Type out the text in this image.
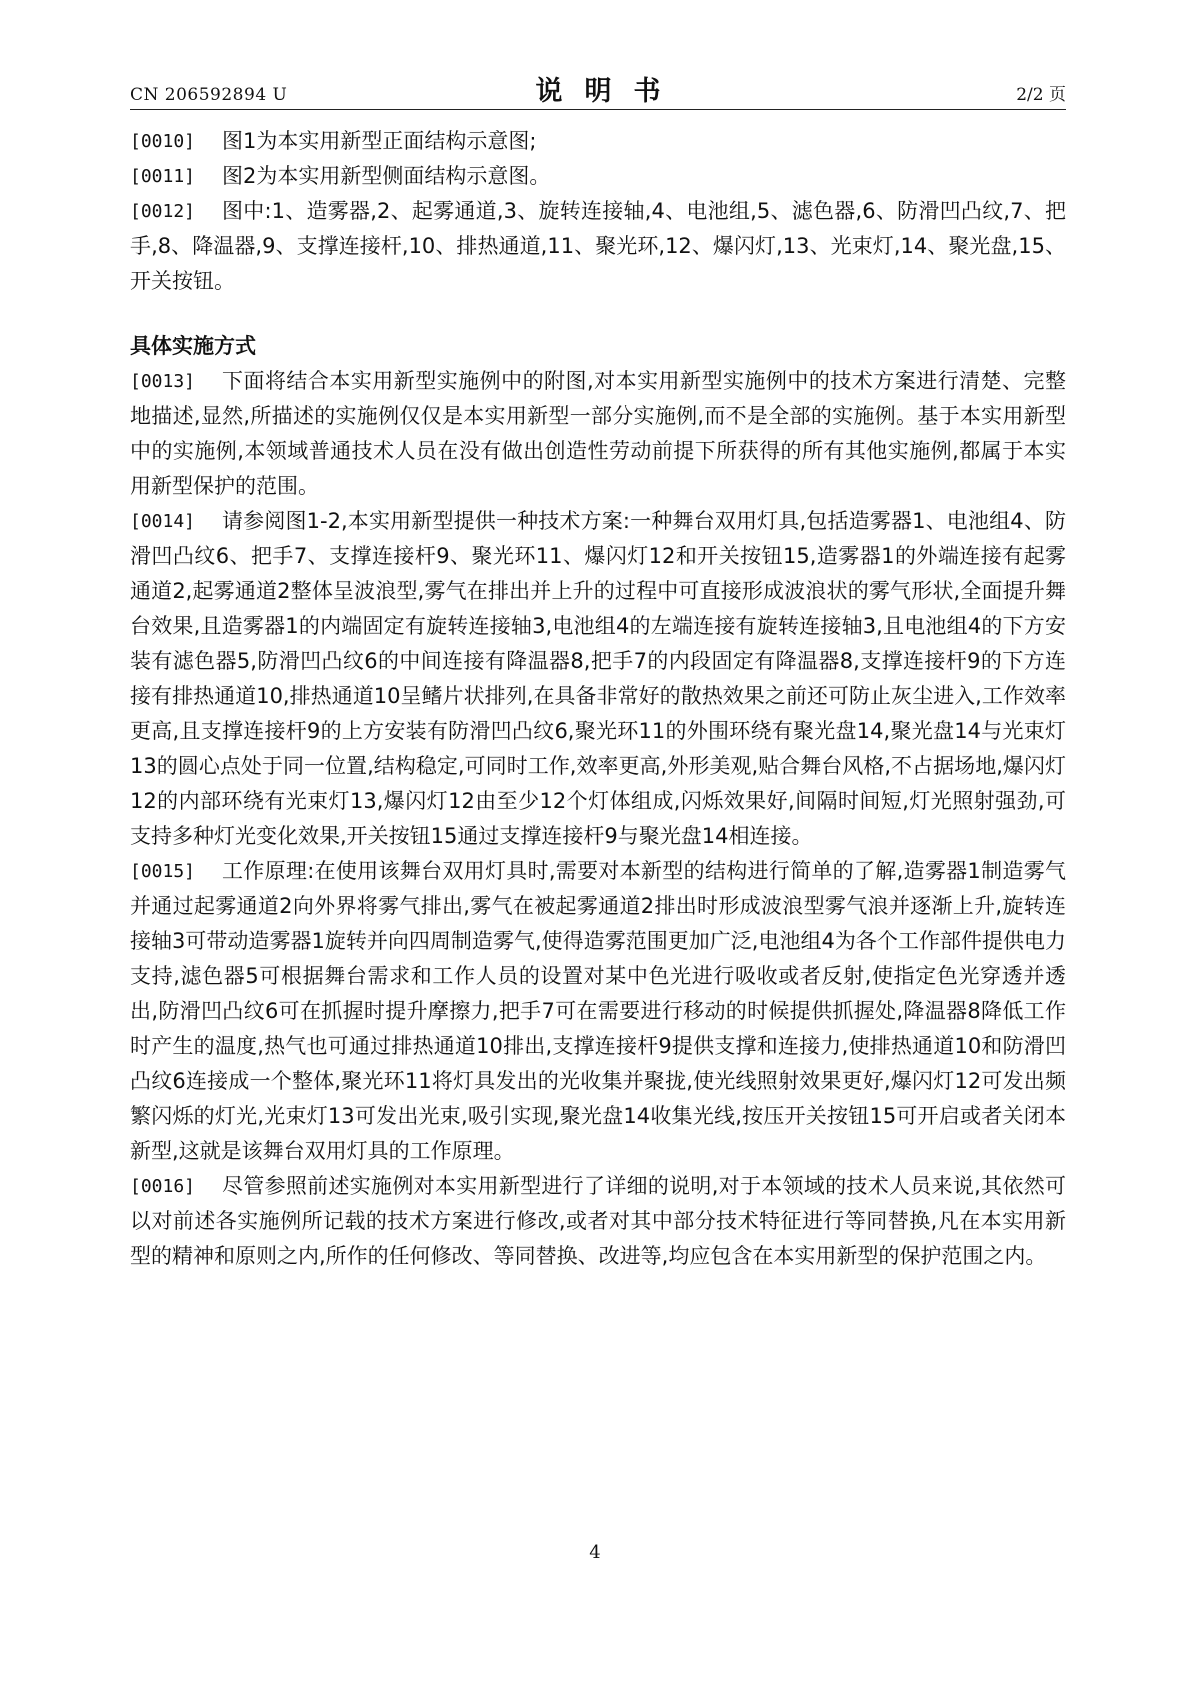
CN 206592894 U	说明书	2/2 页
[0010]	图1为本实用新型正面结构示意图;
[0011]	图2为本实用新型侧面结构示意图。
[0012]	图中:1、造雾器,2、起雾通道,3、旋转连接轴,4、电池组,5、滤色器,6、防滑凹凸纹,7、把手,8、降温器,9、支撑连接杆,10、排热通道,11、聚光环,12、爆闪灯,13、光束灯,14、聚光盘,15、开关按钮。
具体实施方式
[0013]	下面将结合本实用新型实施例中的附图,对本实用新型实施例中的技术方案进行清楚、完整地描述,显然,所描述的实施例仅仅是本实用新型一部分实施例,而不是全部的实施例。基于本实用新型中的实施例,本领域普通技术人员在没有做出创造性劳动前提下所获得的所有其他实施例,都属于本实用新型保护的范围。
[0014]	请参阅图1-2,本实用新型提供一种技术方案:一种舞台双用灯具,包括造雾器1、电池组4、防滑凹凸纹6、把手7、支撑连接杆9、聚光环11、爆闪灯12和开关按钮15,造雾器1的外端连接有起雾通道2,起雾通道2整体呈波浪型,雾气在排出并上升的过程中可直接形成波浪状的雾气形状,全面提升舞台效果,且造雾器1的内端固定有旋转连接轴3,电池组4的左端连接有旋转连接轴3,且电池组4的下方安装有滤色器5,防滑凹凸纹6的中间连接有降温器8,把手7的内段固定有降温器8,支撑连接杆9的下方连接有排热通道10,排热通道10呈鳍片状排列,在具备非常好的散热效果之前还可防止灰尘进入,工作效率更高,且支撑连接杆9的上方安装有防滑凹凸纹6,聚光环11的外围环绕有聚光盘14,聚光盘14与光束灯13的圆心点处于同一位置,结构稳定,可同时工作,效率更高,外形美观,贴合舞台风格,不占据场地,爆闪灯12的内部环绕有光束灯13,爆闪灯12由至少12个灯体组成,闪烁效果好,间隔时间短,灯光照射强劲,可支持多种灯光变化效果,开关按钮15通过支撑连接杆9与聚光盘14相连接。
[0015]	工作原理:在使用该舞台双用灯具时,需要对本新型的结构进行简单的了解,造雾器1制造雾气并通过起雾通道2向外界将雾气排出,雾气在被起雾通道2排出时形成波浪型雾气浪并逐渐上升,旋转连接轴3可带动造雾器1旋转并向四周制造雾气,使得造雾范围更加广泛,电池组4为各个工作部件提供电力支持,滤色器5可根据舞台需求和工作人员的设置对某中色光进行吸收或者反射,使指定色光穿透并透出,防滑凹凸纹6可在抓握时提升摩擦力,把手7可在需要进行移动的时候提供抓握处,降温器8降低工作时产生的温度,热气也可通过排热通道10排出,支撑连接杆9提供支撑和连接力,使排热通道10和防滑凹凸纹6连接成一个整体,聚光环11将灯具发出的光收集并聚拢,使光线照射效果更好,爆闪灯12可发出频繁闪烁的灯光,光束灯13可发出光束,吸引实现,聚光盘14收集光线,按压开关按钮15可开启或者关闭本新型,这就是该舞台双用灯具的工作原理。
[0016]	尽管参照前述实施例对本实用新型进行了详细的说明,对于本领域的技术人员来说,其依然可以对前述各实施例所记载的技术方案进行修改,或者对其中部分技术特征进行等同替换,凡在本实用新型的精神和原则之内,所作的任何修改、等同替换、改进等,均应包含在本实用新型的保护范围之内。
4
